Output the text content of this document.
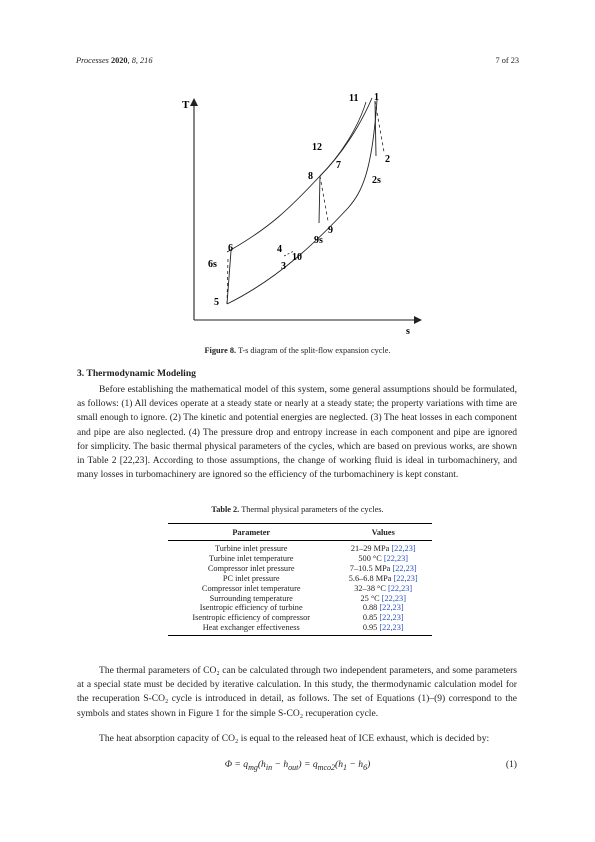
Processes 2020, 8, 216	7 of 23
T
s
1
11
2
2s
12
7
8
9
9s
4
10
3
6
6s
5
Figure 8. T-s diagram of the split-flow expansion cycle.
3. Thermodynamic Modeling

Before establishing the mathematical model of this system, some general assumptions should be formulated, as follows: (1) All devices operate at a steady state or nearly at a steady state; the property variations with time are small enough to ignore. (2) The kinetic and potential energies are neglected. (3) The heat losses in each component and pipe are also neglected. (4) The pressure drop and entropy increase in each component and pipe are ignored for simplicity. The basic thermal physical parameters of the cycles, which are based on previous works, are shown in Table 2 [22,23]. According to those assumptions, the change of working fluid is ideal in turbomachinery, and many losses in turbomachinery are ignored so the efficiency of the turbomachinery is kept constant.

Table 2. Thermal physical parameters of the cycles.
Parameter	Values
Turbine inlet pressure	21–29 MPa [22,23]
Turbine inlet temperature	500 °C [22,23]
Compressor inlet pressure	7–10.5 MPa [22,23]
PC inlet pressure	5.6–6.8 MPa [22,23]
Compressor inlet temperature	32–38 °C [22,23]
Surrounding temperature	25 °C [22,23]
Isentropic efficiency of turbine	0.88 [22,23]
Isentropic efficiency of compressor	0.85 [22,23]
Heat exchanger effectiveness	0.95 [22,23]

The thermal parameters of CO₂ can be calculated through two independent parameters, and some parameters at a special state must be decided by iterative calculation. In this study, the thermodynamic calculation model for the recuperation S-CO₂ cycle is introduced in detail, as follows. The set of Equations (1)–(9) correspond to the symbols and states shown in Figure 1 for the simple S-CO₂ recuperation cycle.

The heat absorption capacity of CO₂ is equal to the released heat of ICE exhaust, which is decided by:

$\Phi = q_{mg}(h_{in} - h_{out}) = q_{mco2}(h_1 - h_6)$	(1)
